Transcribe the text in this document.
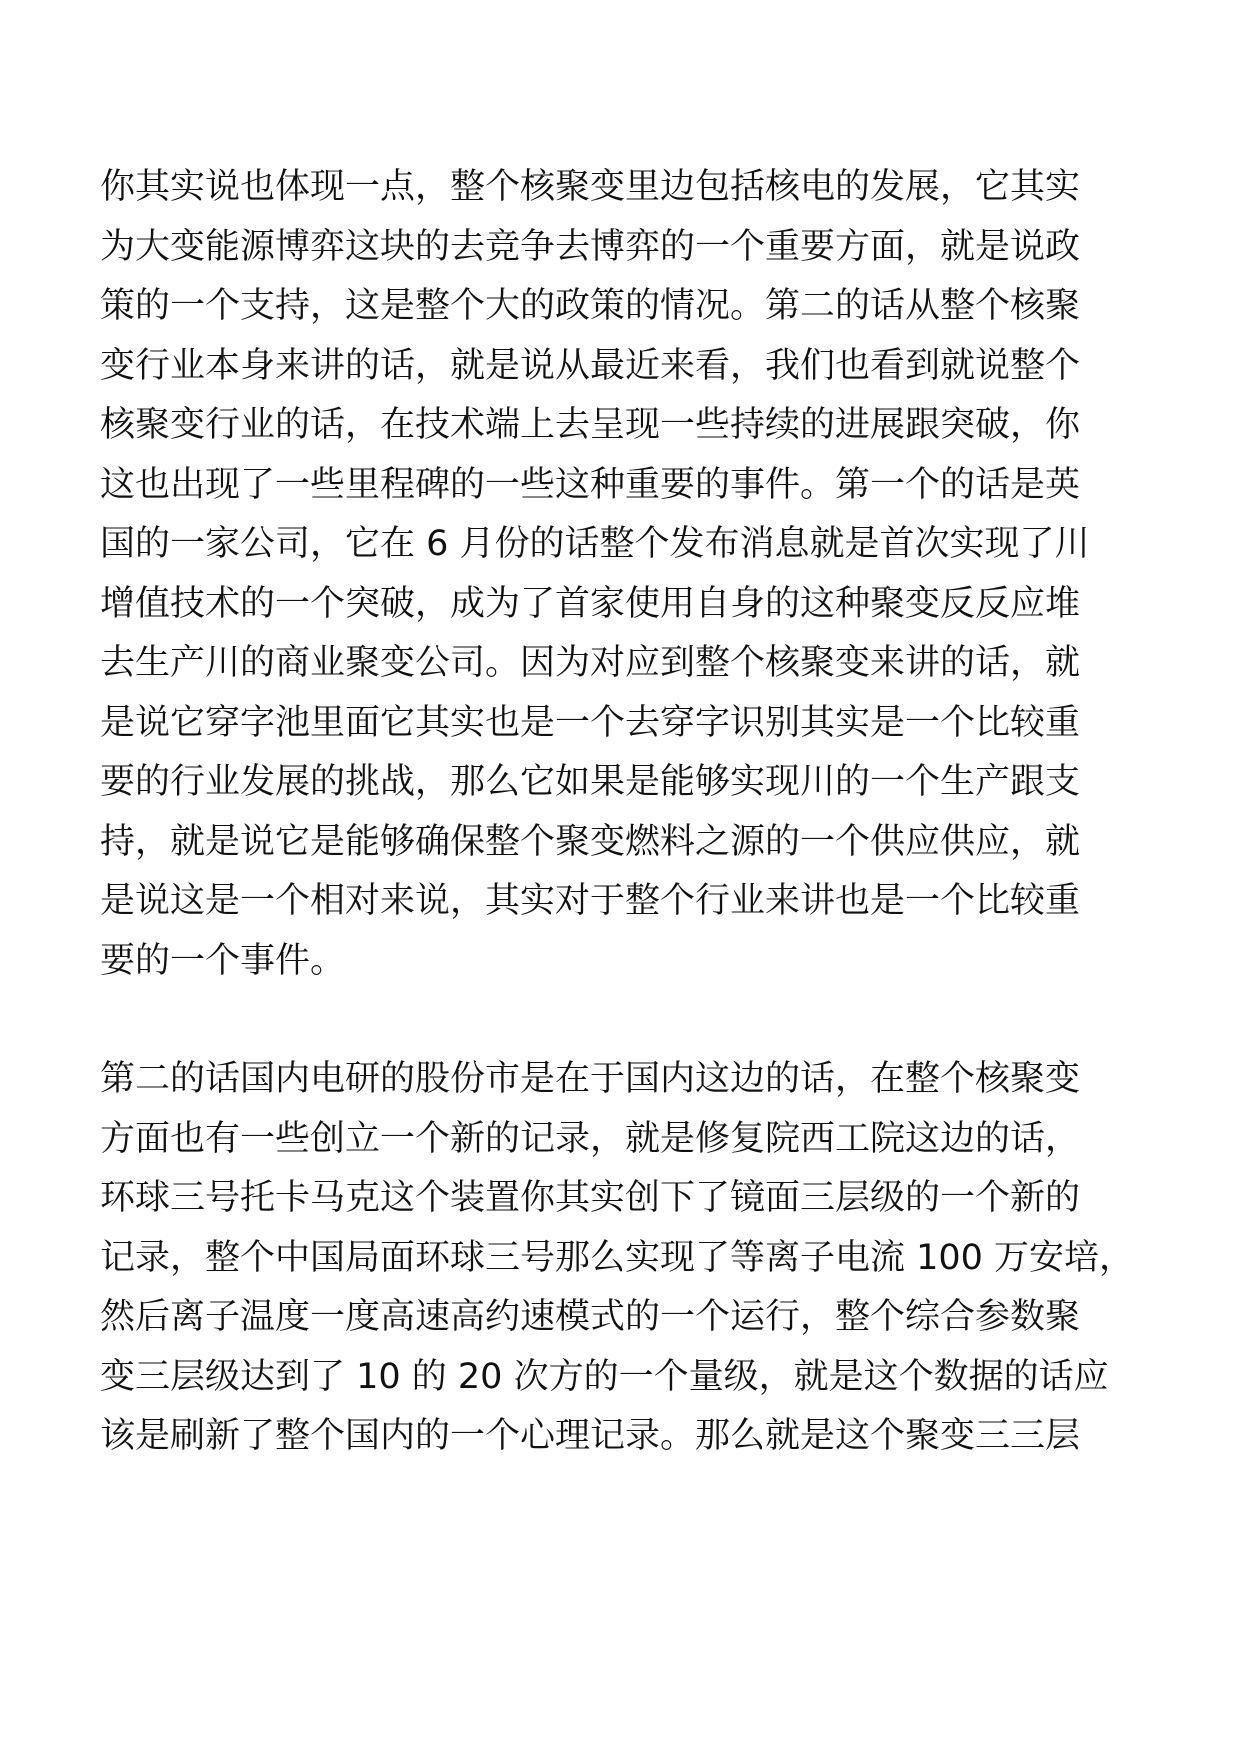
你其实说也体现一点，整个核聚变里边包括核电的发展，它其实
为大变能源博弈这块的去竞争去博弈的一个重要方面，就是说政
策的一个支持，这是整个大的政策的情况。第二的话从整个核聚
变行业本身来讲的话，就是说从最近来看，我们也看到就说整个
核聚变行业的话，在技术端上去呈现一些持续的进展跟突破，你
这也出现了一些里程碑的一些这种重要的事件。第一个的话是英
国的一家公司，它在 6 月份的话整个发布消息就是首次实现了川
增值技术的一个突破，成为了首家使用自身的这种聚变反反应堆
去生产川的商业聚变公司。因为对应到整个核聚变来讲的话，就
是说它穿字池里面它其实也是一个去穿字识别其实是一个比较重
要的行业发展的挑战，那么它如果是能够实现川的一个生产跟支
持，就是说它是能够确保整个聚变燃料之源的一个供应供应，就
是说这是一个相对来说，其实对于整个行业来讲也是一个比较重
要的一个事件。

第二的话国内电研的股份市是在于国内这边的话，在整个核聚变
方面也有一些创立一个新的记录，就是修复院西工院这边的话，
环球三号托卡马克这个装置你其实创下了镜面三层级的一个新的
记录，整个中国局面环球三号那么实现了等离子电流 100 万安培，
然后离子温度一度高速高约速模式的一个运行，整个综合参数聚
变三层级达到了 10 的 20 次方的一个量级，就是这个数据的话应
该是刷新了整个国内的一个心理记录。那么就是这个聚变三三层
